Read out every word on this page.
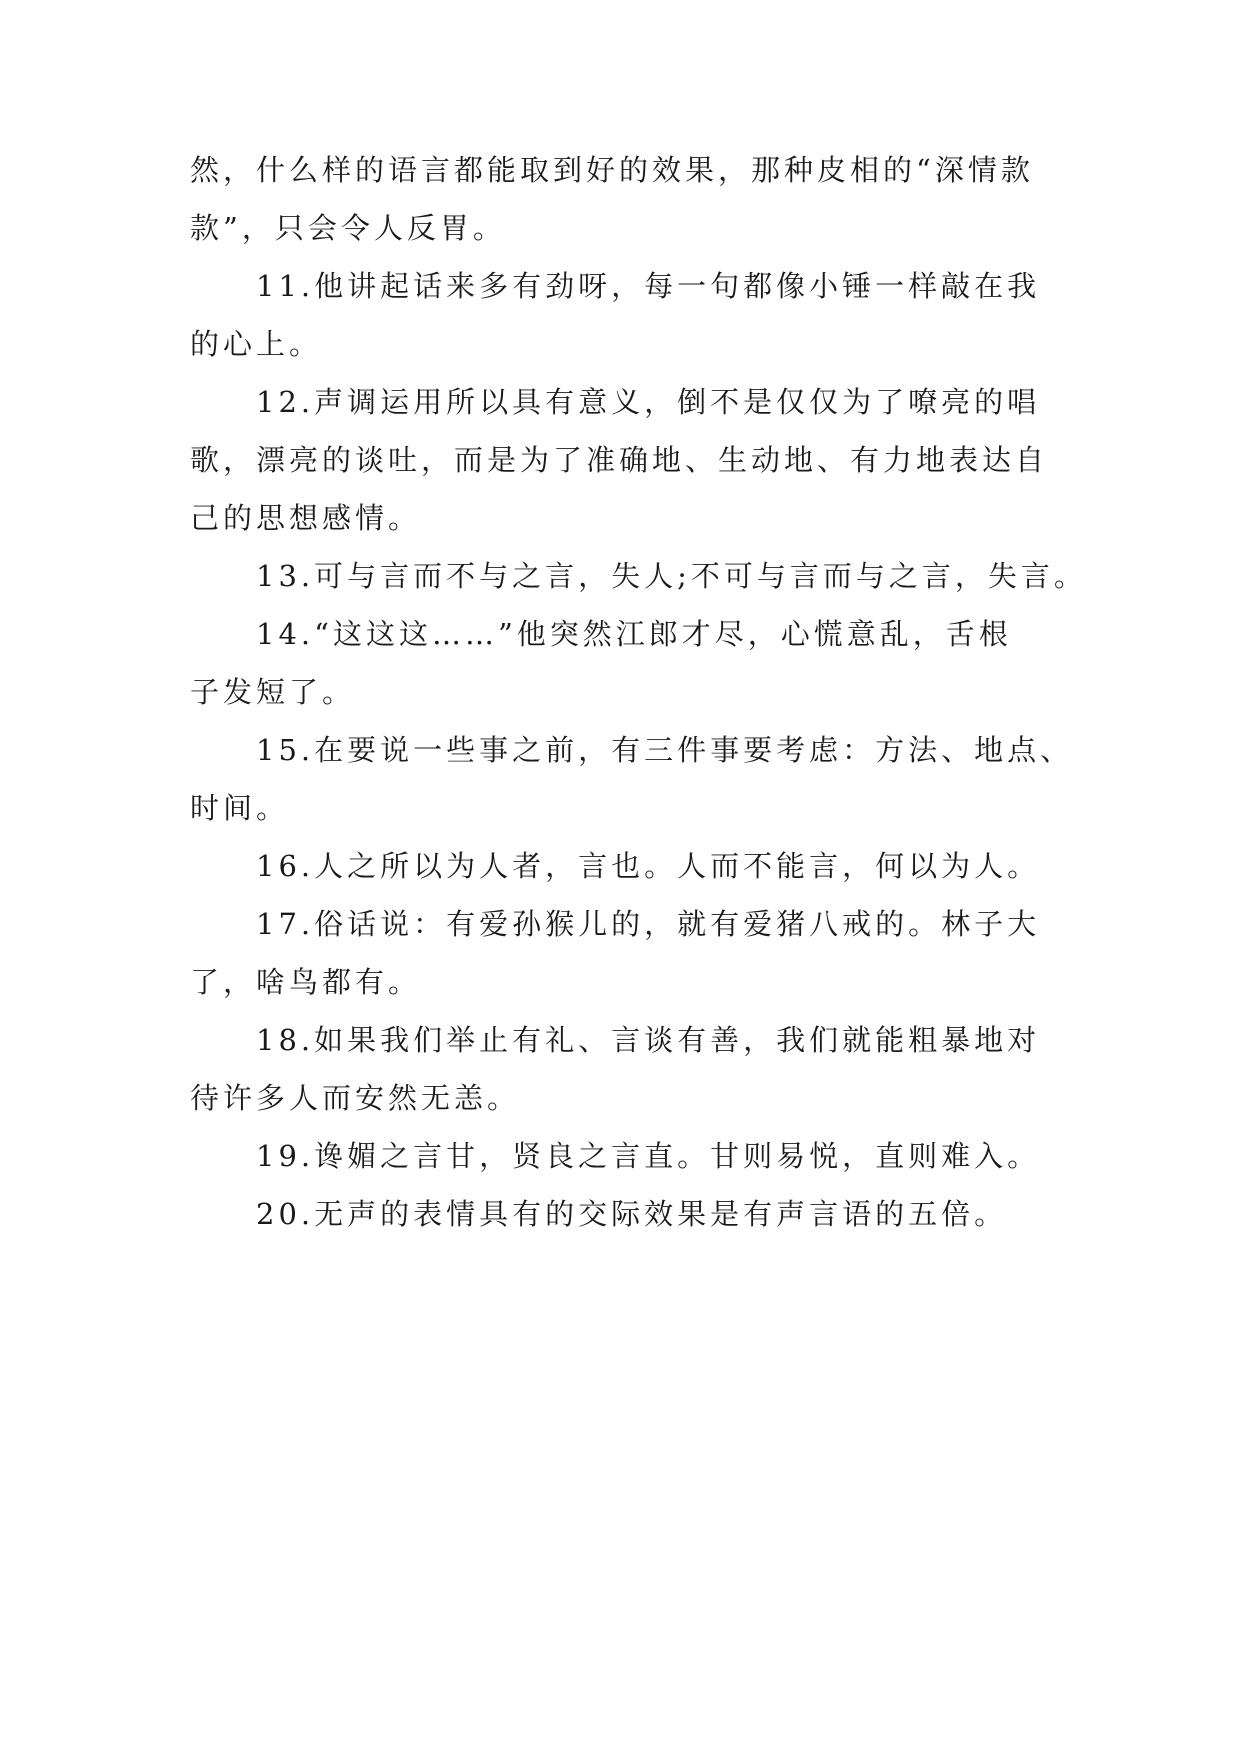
然，什么样的语言都能取到好的效果，那种皮相的“深情款

款”，只会令人反胃。

11.他讲起话来多有劲呀，每一句都像小锤一样敲在我

的心上。

12.声调运用所以具有意义，倒不是仅仅为了嘹亮的唱

歌，漂亮的谈吐，而是为了准确地、生动地、有力地表达自

己的思想感情。

13.可与言而不与之言，失人;不可与言而与之言，失言。

14.“这这这……”他突然江郎才尽，心慌意乱，舌根

子发短了。

15.在要说一些事之前，有三件事要考虑：方法、地点、

时间。

16.人之所以为人者，言也。人而不能言，何以为人。

17.俗话说：有爱孙猴儿的，就有爱猪八戒的。林子大

了，啥鸟都有。

18.如果我们举止有礼、言谈有善，我们就能粗暴地对

待许多人而安然无恙。

19.谗媚之言甘，贤良之言直。甘则易悦，直则难入。

20.无声的表情具有的交际效果是有声言语的五倍。
